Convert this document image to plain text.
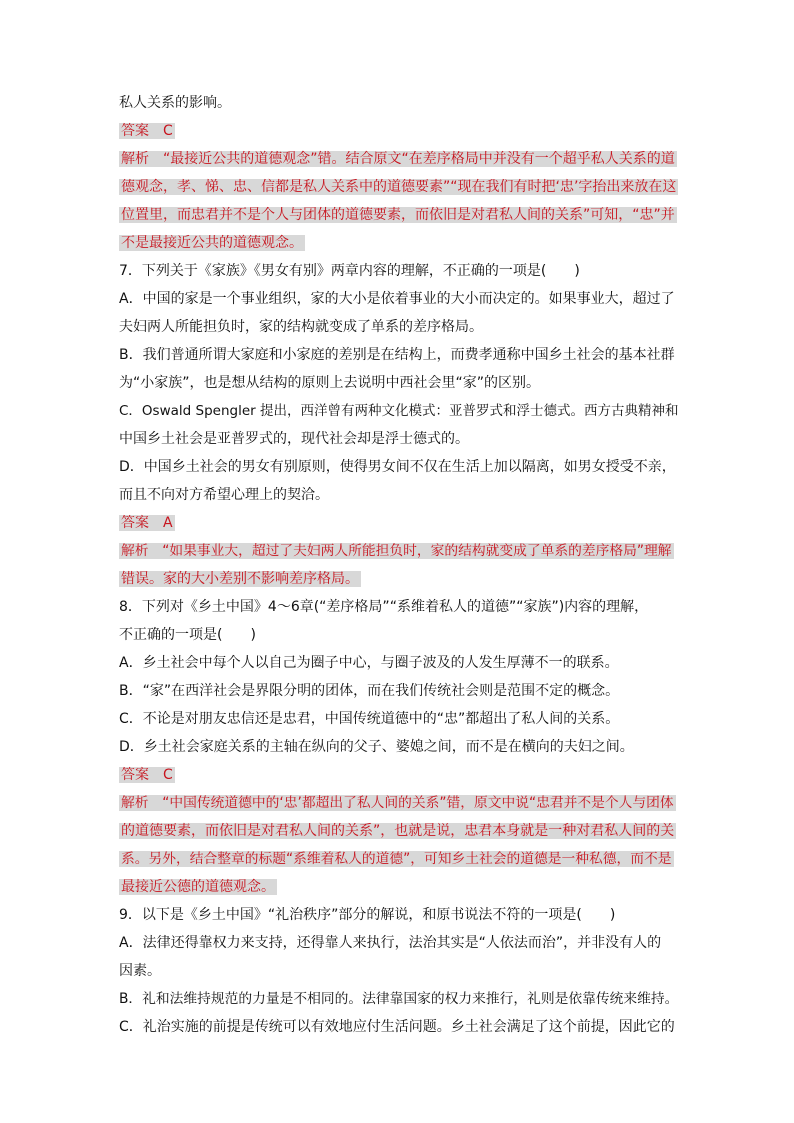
私人关系的影响。

答案　C

解析　“最接近公共的道德观念”错。结合原文“在差序格局中并没有一个超乎私人关系的道

德观念，孝、悌、忠、信都是私人关系中的道德要素”“现在我们有时把‘忠’字抬出来放在这

位置里，而忠君并不是个人与团体的道德要素，而依旧是对君私人间的关系”可知，“忠”并

不是最接近公共的道德观念。

7．下列关于《家族》《男女有别》两章内容的理解，不正确的一项是(　　)

A．中国的家是一个事业组织，家的大小是依着事业的大小而决定的。如果事业大，超过了

夫妇两人所能担负时，家的结构就变成了单系的差序格局。

B．我们普通所谓大家庭和小家庭的差别是在结构上，而费孝通称中国乡土社会的基本社群

为“小家族”，也是想从结构的原则上去说明中西社会里“家”的区别。

C．Oswald Spengler 提出，西洋曾有两种文化模式：亚普罗式和浮士德式。西方古典精神和

中国乡土社会是亚普罗式的，现代社会却是浮士德式的。

D．中国乡土社会的男女有别原则，使得男女间不仅在生活上加以隔离，如男女授受不亲，

而且不向对方希望心理上的契洽。

答案　A

解析　“如果事业大，超过了夫妇两人所能担负时，家的结构就变成了单系的差序格局”理解

错误。家的大小差别不影响差序格局。

8．下列对《乡土中国》4～6章(“差序格局”“系维着私人的道德”“家族”)内容的理解，

不正确的一项是(　　)

A．乡土社会中每个人以自己为圈子中心，与圈子波及的人发生厚薄不一的联系。

B．“家”在西洋社会是界限分明的团体，而在我们传统社会则是范围不定的概念。

C．不论是对朋友忠信还是忠君，中国传统道德中的“忠”都超出了私人间的关系。

D．乡土社会家庭关系的主轴在纵向的父子、婆媳之间，而不是在横向的夫妇之间。

答案　C

解析　“中国传统道德中的‘忠’都超出了私人间的关系”错，原文中说“忠君并不是个人与团体

的道德要素，而依旧是对君私人间的关系”，也就是说，忠君本身就是一种对君私人间的关

系。另外，结合整章的标题“系维着私人的道德”，可知乡土社会的道德是一种私德，而不是

最接近公德的道德观念。

9．以下是《乡土中国》“礼治秩序”部分的解说，和原书说法不符的一项是(　　)

A．法律还得靠权力来支持，还得靠人来执行，法治其实是“人依法而治”，并非没有人的

因素。

B．礼和法维持规范的力量是不相同的。法律靠国家的权力来推行，礼则是依靠传统来维持。

C．礼治实施的前提是传统可以有效地应付生活问题。乡土社会满足了这个前提，因此它的
